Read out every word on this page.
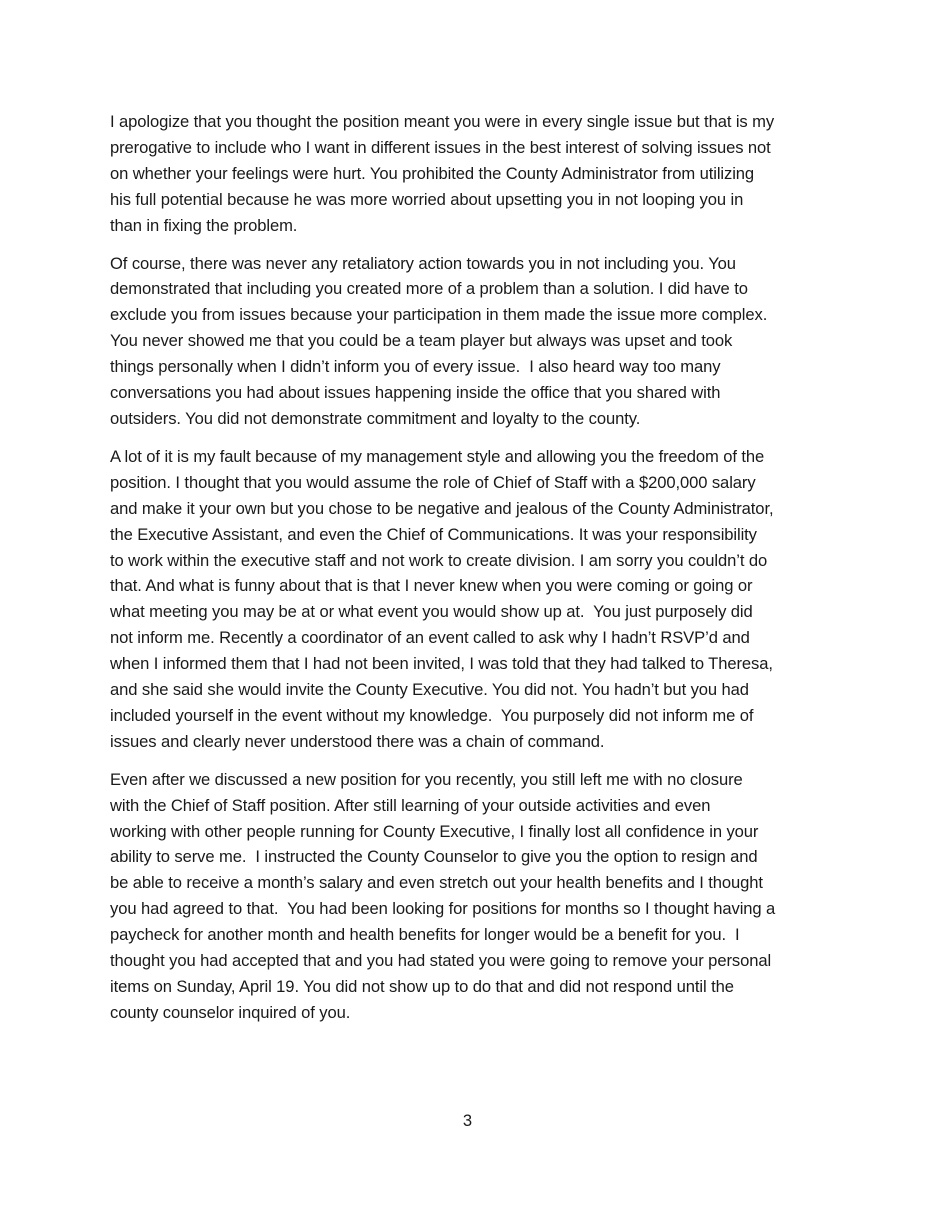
I apologize that you thought the position meant you were in every single issue but that is my
prerogative to include who I want in different issues in the best interest of solving issues not
on whether your feelings were hurt. You prohibited the County Administrator from utilizing
his full potential because he was more worried about upsetting you in not looping you in
than in fixing the problem.

Of course, there was never any retaliatory action towards you in not including you. You
demonstrated that including you created more of a problem than a solution. I did have to
exclude you from issues because your participation in them made the issue more complex.
You never showed me that you could be a team player but always was upset and took
things personally when I didn’t inform you of every issue.  I also heard way too many
conversations you had about issues happening inside the office that you shared with
outsiders. You did not demonstrate commitment and loyalty to the county.

A lot of it is my fault because of my management style and allowing you the freedom of the
position. I thought that you would assume the role of Chief of Staff with a $200,000 salary
and make it your own but you chose to be negative and jealous of the County Administrator,
the Executive Assistant, and even the Chief of Communications. It was your responsibility
to work within the executive staff and not work to create division. I am sorry you couldn’t do
that. And what is funny about that is that I never knew when you were coming or going or
what meeting you may be at or what event you would show up at.  You just purposely did
not inform me. Recently a coordinator of an event called to ask why I hadn’t RSVP’d and
when I informed them that I had not been invited, I was told that they had talked to Theresa,
and she said she would invite the County Executive. You did not. You hadn’t but you had
included yourself in the event without my knowledge.  You purposely did not inform me of
issues and clearly never understood there was a chain of command.

Even after we discussed a new position for you recently, you still left me with no closure
with the Chief of Staff position. After still learning of your outside activities and even
working with other people running for County Executive, I finally lost all confidence in your
ability to serve me.  I instructed the County Counselor to give you the option to resign and
be able to receive a month’s salary and even stretch out your health benefits and I thought
you had agreed to that.  You had been looking for positions for months so I thought having a
paycheck for another month and health benefits for longer would be a benefit for you.  I
thought you had accepted that and you had stated you were going to remove your personal
items on Sunday, April 19. You did not show up to do that and did not respond until the
county counselor inquired of you.

3
